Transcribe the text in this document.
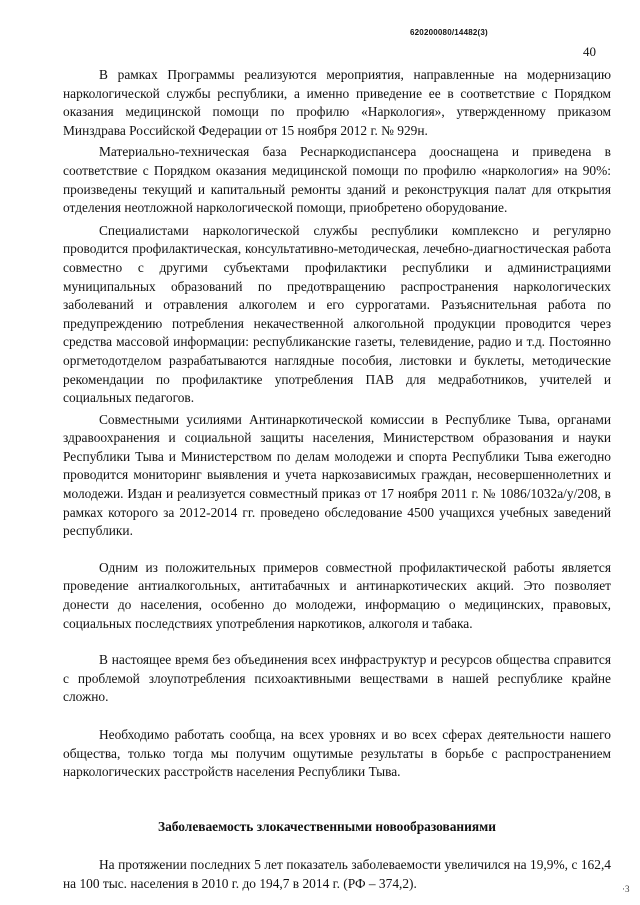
620200080/14482(3)
40

В рамках Программы реализуются мероприятия, направленные на модернизацию наркологической службы республики, а именно приведение ее в соответствие с Порядком оказания медицинской помощи по профилю «Наркология», утвержденному приказом Минздрава Российской Федерации от 15 ноября 2012 г. № 929н.

Материально-техническая база Реснаркодиспансера дооснащена и приведена в соответствие с Порядком оказания медицинской помощи по профилю «наркология» на 90%: произведены текущий и капитальный ремонты зданий и реконструкция палат для открытия отделения неотложной наркологической помощи, приобретено оборудование.

Специалистами наркологической службы республики комплексно и регулярно проводится профилактическая, консультативно-методическая, лечебно-диагностическая работа совместно с другими субъектами профилактики республики и администрациями муниципальных образований по предотвращению распространения наркологических заболеваний и отравления алкоголем и его суррогатами. Разъяснительная работа по предупреждению потребления некачественной алкогольной продукции проводится через средства массовой информации: республиканские газеты, телевидение, радио и т.д. Постоянно оргметодотделом разрабатываются наглядные пособия, листовки и буклеты, методические рекомендации по профилактике употребления ПАВ для медработников, учителей и социальных педагогов.

Совместными усилиями Антинаркотической комиссии в Республике Тыва, органами здравоохранения и социальной защиты населения, Министерством образования и науки Республики Тыва и Министерством по делам молодежи и спорта Республики Тыва ежегодно проводится мониторинг выявления и учета наркозависимых граждан, несовершеннолетних и молодежи. Издан и реализуется совместный приказ от 17 ноября 2011 г. № 1086/1032а/у/208, в рамках которого за 2012-2014 гг. проведено обследование 4500 учащихся учебных заведений республики.

Одним из положительных примеров совместной профилактической работы является проведение антиалкогольных, антитабачных и антинаркотических акций. Это позволяет донести до населения, особенно до молодежи, информацию о медицинских, правовых, социальных последствиях употребления наркотиков, алкоголя и табака.

В настоящее время без объединения всех инфраструктур и ресурсов общества справится с проблемой злоупотребления психоактивными веществами в нашей республике крайне сложно.

Необходимо работать сообща, на всех уровнях и во всех сферах деятельности нашего общества, только тогда мы получим ощутимые результаты в борьбе с распространением наркологических расстройств населения Республики Тыва.

Заболеваемость злокачественными новообразованиями

На протяжении последних 5 лет показатель заболеваемости увеличился на 19,9%, с 162,4 на 100 тыс. населения в 2010 г. до 194,7 в 2014 г. (РФ – 374,2).	·3
